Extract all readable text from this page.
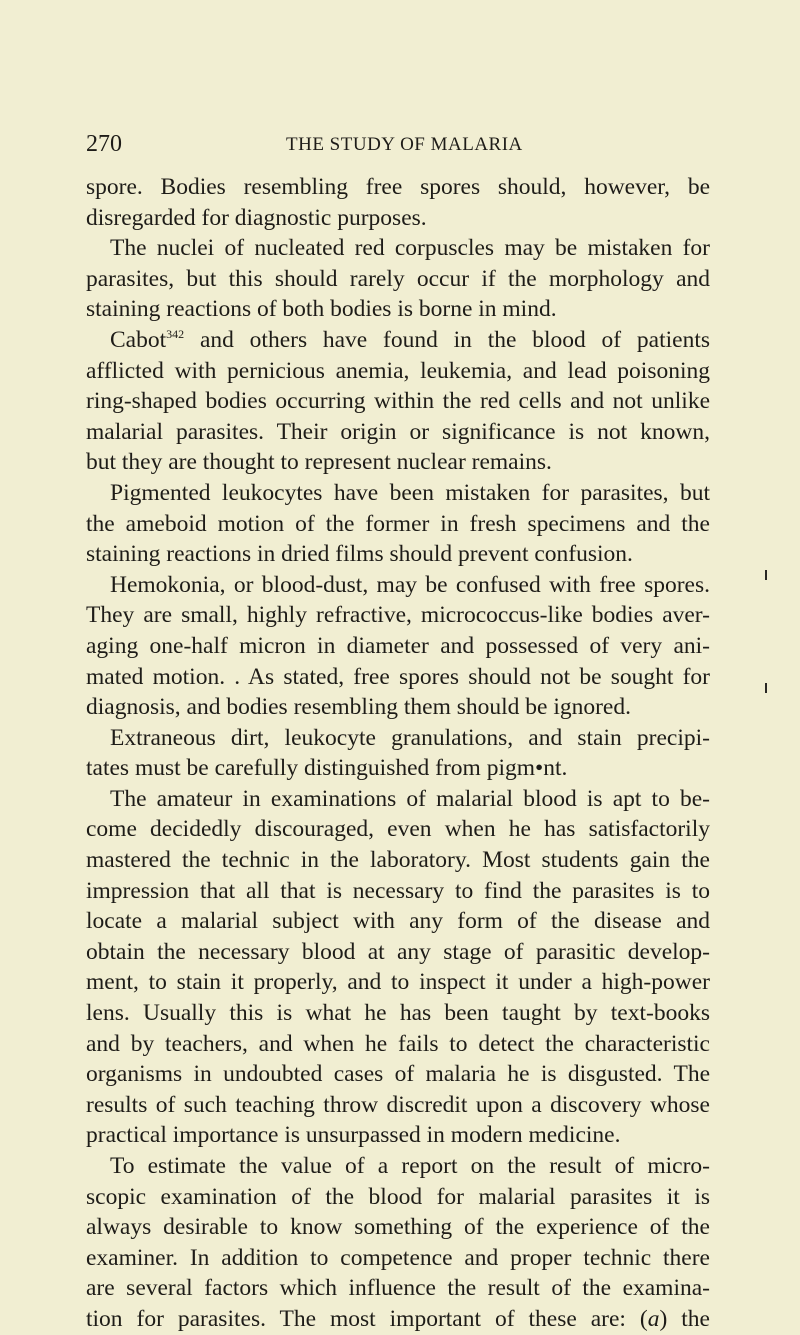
270	THE STUDY OF MALARIA
spore. Bodies resembling free spores should, however, be
disregarded for diagnostic purposes.
The nuclei of nucleated red corpuscles may be mistaken for
parasites, but this should rarely occur if the morphology and
staining reactions of both bodies is borne in mind.
Cabot$^{342}$ and others have found in the blood of patients
afflicted with pernicious anemia, leukemia, and lead poisoning
ring-shaped bodies occurring within the red cells and not unlike
malarial parasites. Their origin or significance is not known,
but they are thought to represent nuclear remains.
Pigmented leukocytes have been mistaken for parasites, but
the ameboid motion of the former in fresh specimens and the
staining reactions in dried films should prevent confusion.
Hemokonia, or blood-dust, may be confused with free spores.
They are small, highly refractive, micrococcus-like bodies aver-
aging one-half micron in diameter and possessed of very ani-
mated motion. . As stated, free spores should not be sought for
diagnosis, and bodies resembling them should be ignored.
Extraneous dirt, leukocyte granulations, and stain precipi-
tates must be carefully distinguished from pigm•nt.
The amateur in examinations of malarial blood is apt to be-
come decidedly discouraged, even when he has satisfactorily
mastered the technic in the laboratory. Most students gain the
impression that all that is necessary to find the parasites is to
locate a malarial subject with any form of the disease and
obtain the necessary blood at any stage of parasitic develop-
ment, to stain it properly, and to inspect it under a high-power
lens. Usually this is what he has been taught by text-books
and by teachers, and when he fails to detect the characteristic
organisms in undoubted cases of malaria he is disgusted. The
results of such teaching throw discredit upon a discovery whose
practical importance is unsurpassed in modern medicine.
To estimate the value of a report on the result of micro-
scopic examination of the blood for malarial parasites it is
always desirable to know something of the experience of the
examiner. In addition to competence and proper technic there
are several factors which influence the result of the examina-
tion for parasites. The most important of these are: (a) the
